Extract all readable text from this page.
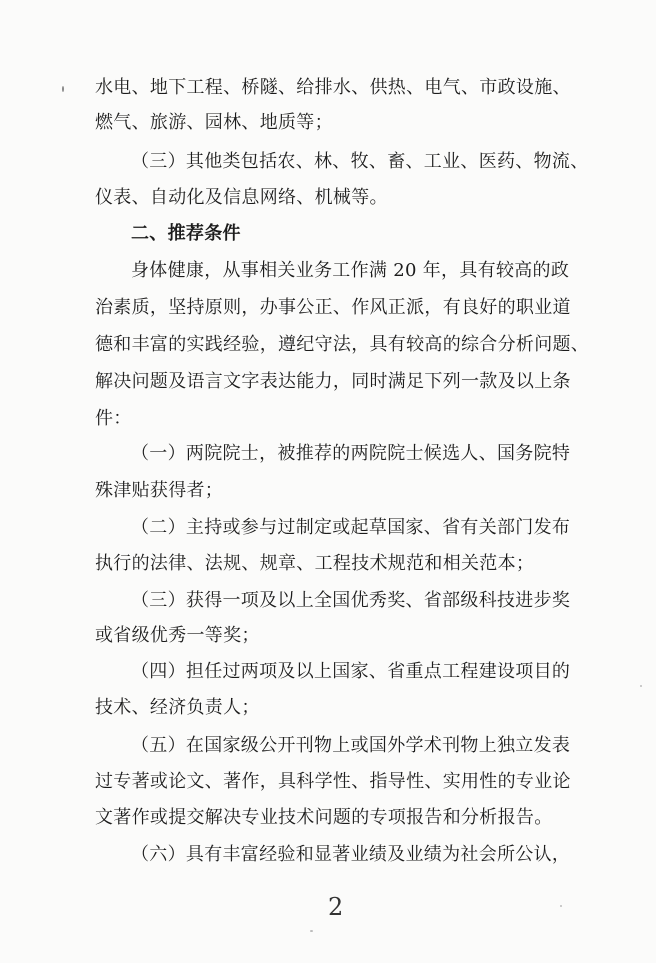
水电、地下工程、桥隧、给排水、供热、电气、市政设施、
燃气、旅游、园林、地质等；
（三）其他类包括农、林、牧、畜、工业、医药、物流、
仪表、自动化及信息网络、机械等。
二、推荐条件
身体健康，从事相关业务工作满 20 年，具有较高的政
治素质，坚持原则，办事公正、作风正派，有良好的职业道
德和丰富的实践经验，遵纪守法，具有较高的综合分析问题、
解决问题及语言文字表达能力，同时满足下列一款及以上条
件：
（一）两院院士，被推荐的两院院士候选人、国务院特
殊津贴获得者；
（二）主持或参与过制定或起草国家、省有关部门发布
执行的法律、法规、规章、工程技术规范和相关范本；
（三）获得一项及以上全国优秀奖、省部级科技进步奖
或省级优秀一等奖；
（四）担任过两项及以上国家、省重点工程建设项目的
技术、经济负责人；
（五）在国家级公开刊物上或国外学术刊物上独立发表
过专著或论文、著作，具科学性、指导性、实用性的专业论
文著作或提交解决专业技术问题的专项报告和分析报告。
（六）具有丰富经验和显著业绩及业绩为社会所公认，
2
